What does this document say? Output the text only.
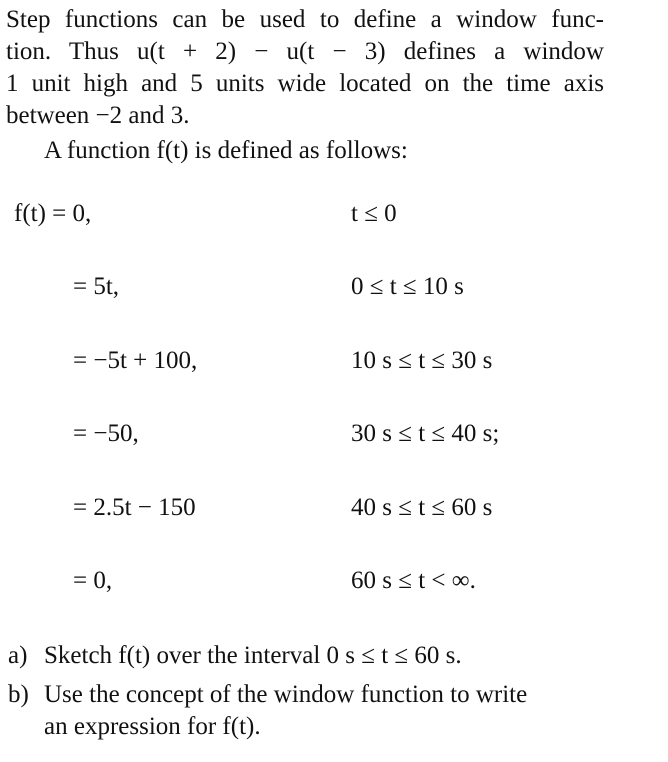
Step functions can be used to define a window func-
tion. Thus u(t + 2) − u(t − 3) defines a window
1 unit high and 5 units wide located on the time axis
between −2 and 3.
A function f(t) is defined as follows:
f(t) = 0,	t ≤ 0
= 5t,	0 ≤ t ≤ 10 s
= −5t + 100,	10 s ≤ t ≤ 30 s
= −50,	30 s ≤ t ≤ 40 s;
= 2.5t − 150	40 s ≤ t ≤ 60 s
= 0,	60 s ≤ t < ∞.
a) Sketch f(t) over the interval 0 s ≤ t ≤ 60 s.
b) Use the concept of the window function to write
an expression for f(t).
